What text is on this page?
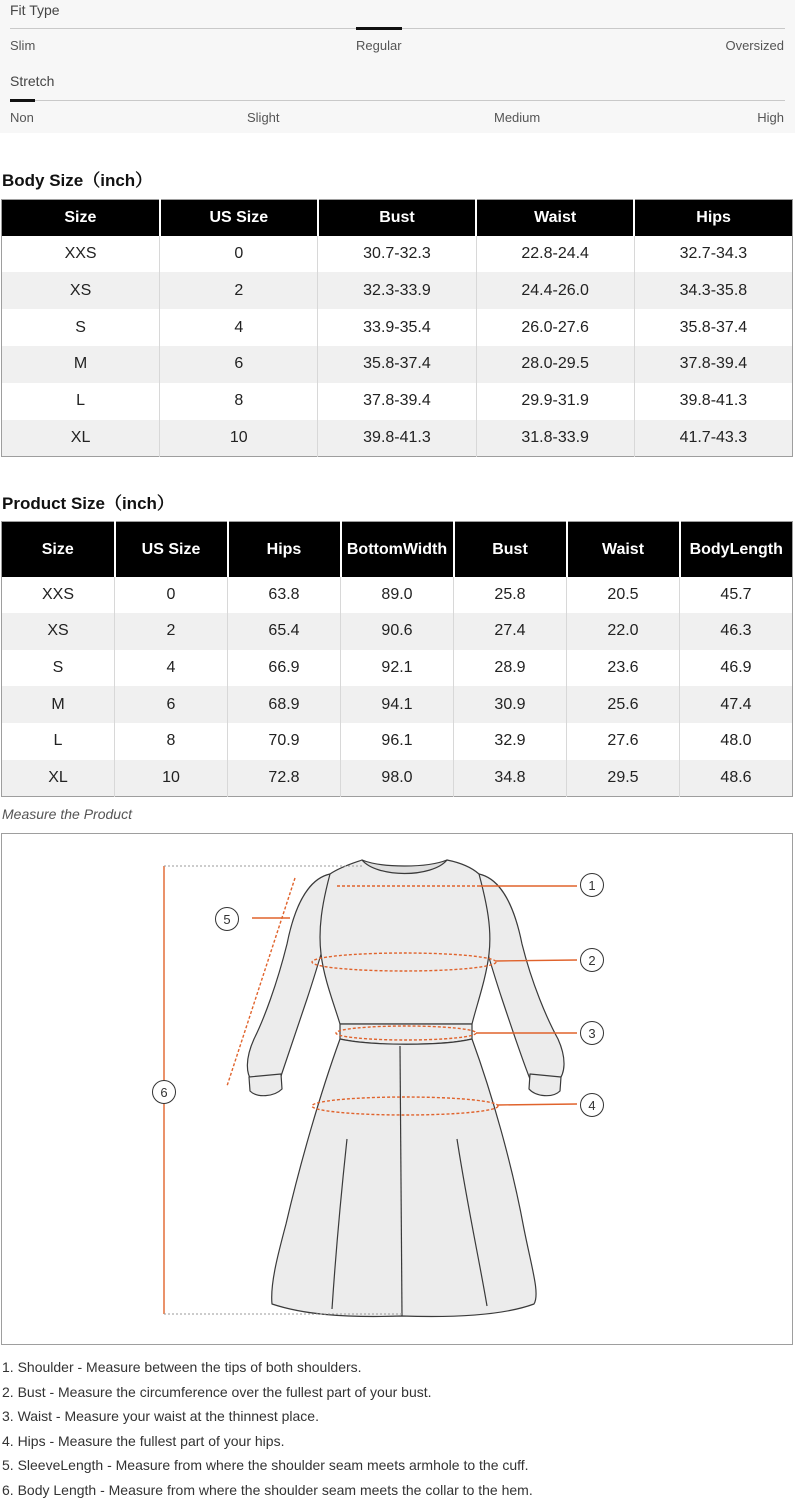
Fit Type
Slim	Regular	Oversized
Stretch
Non	Slight	Medium	High
Body Size（inch）
Size	US Size	Bust	Waist	Hips
XXS	0	30.7-32.3	22.8-24.4	32.7-34.3
XS	2	32.3-33.9	24.4-26.0	34.3-35.8
S	4	33.9-35.4	26.0-27.6	35.8-37.4
M	6	35.8-37.4	28.0-29.5	37.8-39.4
L	8	37.8-39.4	29.9-31.9	39.8-41.3
XL	10	39.8-41.3	31.8-33.9	41.7-43.3
Product Size（inch）
Size	US Size	Hips	BottomWidth	Bust	Waist	BodyLength
XXS	0	63.8	89.0	25.8	20.5	45.7
XS	2	65.4	90.6	27.4	22.0	46.3
S	4	66.9	92.1	28.9	23.6	46.9
M	6	68.9	94.1	30.9	25.6	47.4
L	8	70.9	96.1	32.9	27.6	48.0
XL	10	72.8	98.0	34.8	29.5	48.6
Measure the Product
1
2
3
4
5
6
1. Shoulder - Measure between the tips of both shoulders.
2. Bust - Measure the circumference over the fullest part of your bust.
3. Waist - Measure your waist at the thinnest place.
4. Hips - Measure the fullest part of your hips.
5. SleeveLength - Measure from where the shoulder seam meets armhole to the cuff.
6. Body Length - Measure from where the shoulder seam meets the collar to the hem.
